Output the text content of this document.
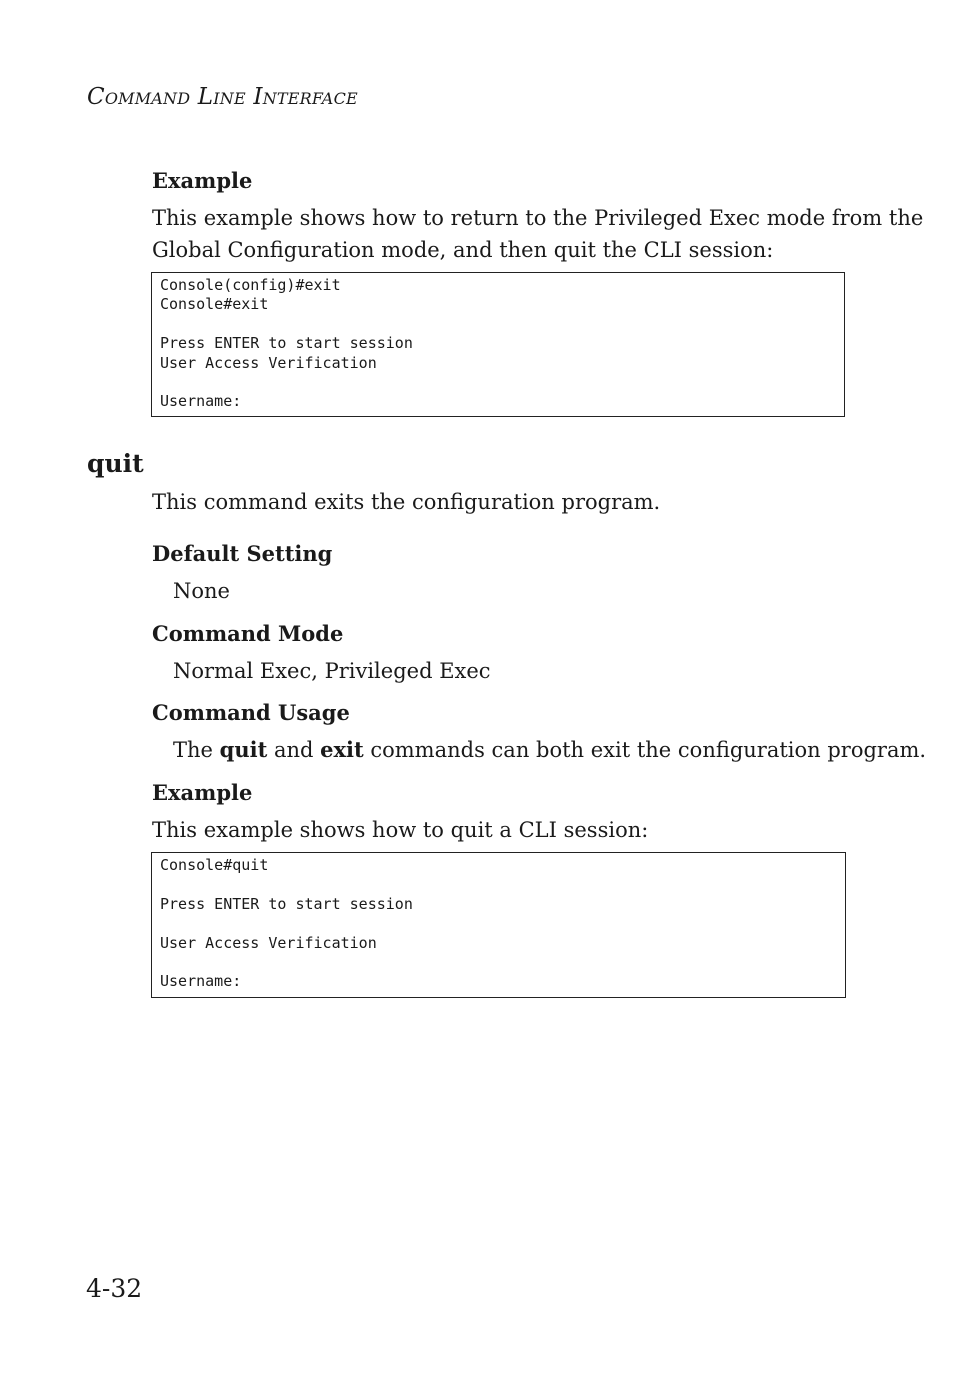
COMMAND LINE INTERFACE
Example
This example shows how to return to the Privileged Exec mode from the
Global Configuration mode, and then quit the CLI session:
Console(config)#exit
Console#exit

Press ENTER to start session
User Access Verification

Username:
quit
This command exits the configuration program.
Default Setting
None
Command Mode
Normal Exec, Privileged Exec
Command Usage
The quit and exit commands can both exit the configuration program.
Example
This example shows how to quit a CLI session:
Console#quit

Press ENTER to start session

User Access Verification

Username:
4-32
